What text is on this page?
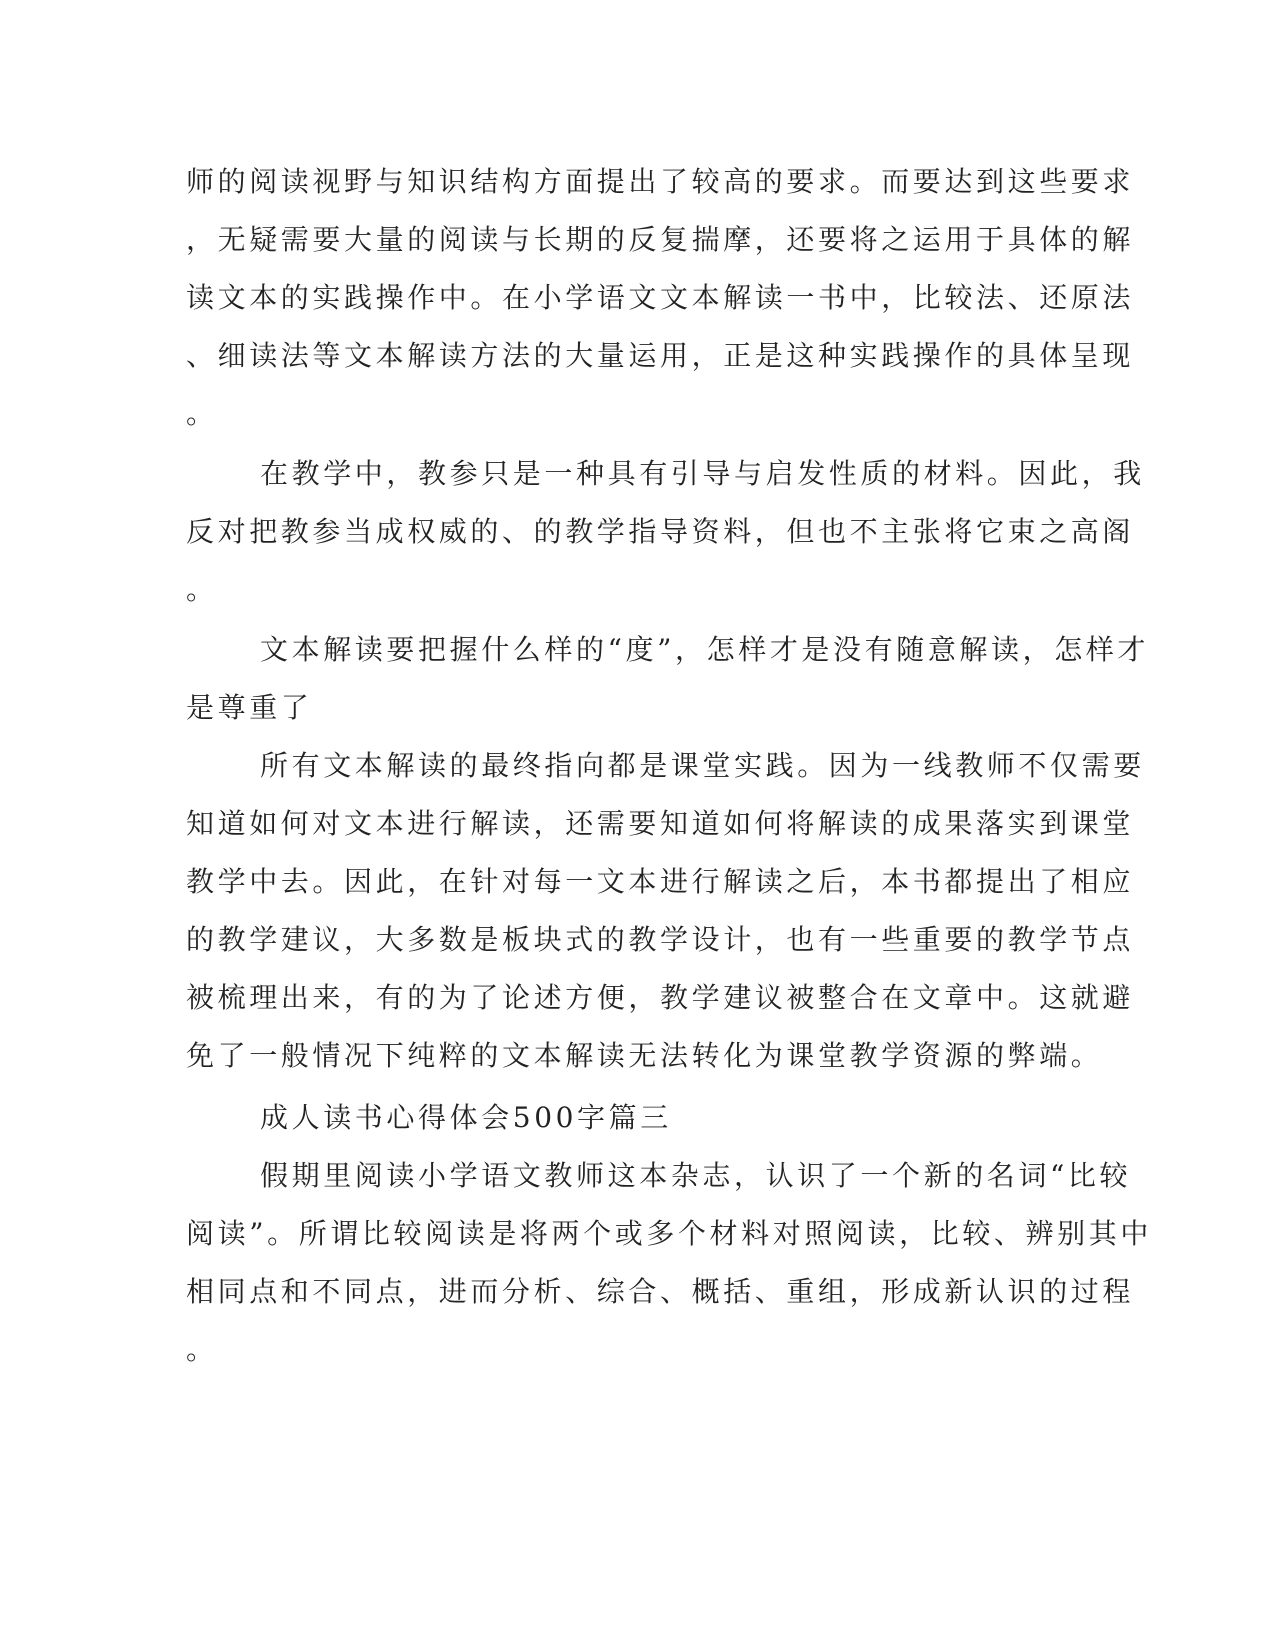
师的阅读视野与知识结构方面提出了较高的要求。而要达到这些要求
，无疑需要大量的阅读与长期的反复揣摩，还要将之运用于具体的解
读文本的实践操作中。在小学语文文本解读一书中，比较法、还原法
、细读法等文本解读方法的大量运用，正是这种实践操作的具体呈现
。
在教学中，教参只是一种具有引导与启发性质的材料。因此，我
反对把教参当成权威的、的教学指导资料，但也不主张将它束之高阁
。
文本解读要把握什么样的“度”，怎样才是没有随意解读，怎样才
是尊重了
所有文本解读的最终指向都是课堂实践。因为一线教师不仅需要
知道如何对文本进行解读，还需要知道如何将解读的成果落实到课堂
教学中去。因此，在针对每一文本进行解读之后，本书都提出了相应
的教学建议，大多数是板块式的教学设计，也有一些重要的教学节点
被梳理出来，有的为了论述方便，教学建议被整合在文章中。这就避
免了一般情况下纯粹的文本解读无法转化为课堂教学资源的弊端。
成人读书心得体会500字篇三
假期里阅读小学语文教师这本杂志，认识了一个新的名词“比较
阅读”。所谓比较阅读是将两个或多个材料对照阅读，比较、辨别其中
相同点和不同点，进而分析、综合、概括、重组，形成新认识的过程
。
